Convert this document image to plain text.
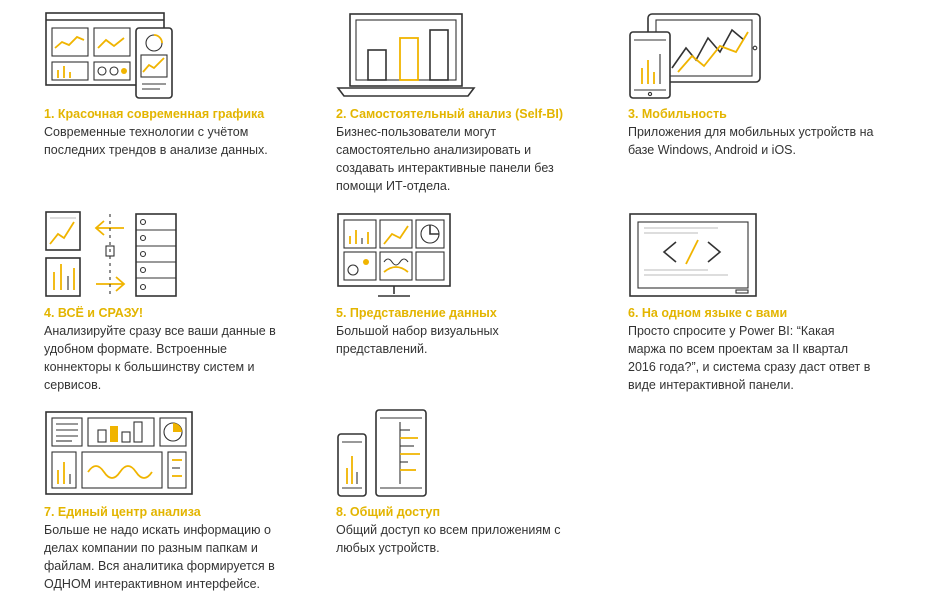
1. Красочная современная графика

Современные технологии с учётом
последних трендов в анализе данных.

2. Самостоятельный анализ (Self-BI)

Бизнес-пользователи могут
самостоятельно анализировать и
создавать интерактивные панели без
помощи ИТ-отдела.

3. Мобильность

Приложения для мобильных устройств на
базе Windows, Android и iOS.

4. ВСЁ и СРАЗУ!

Анализируйте сразу все ваши данные в
удобном формате. Встроенные
коннекторы к большинству систем и
сервисов.

5. Представление данных

Большой набор визуальных
представлений.

6. На одном языке с вами

Просто спросите у Power BI: “Какая
маржа по всем проектам за II квартал
2016 года?”, и система сразу даст ответ в
виде интерактивной панели.

7. Единый центр анализа

Больше не надо искать информацию о
делах компании по разным папкам и
файлам. Вся аналитика формируется в
ОДНОМ интерактивном интерфейсе.

8. Общий доступ

Общий доступ ко всем приложениям с
любых устройств.
